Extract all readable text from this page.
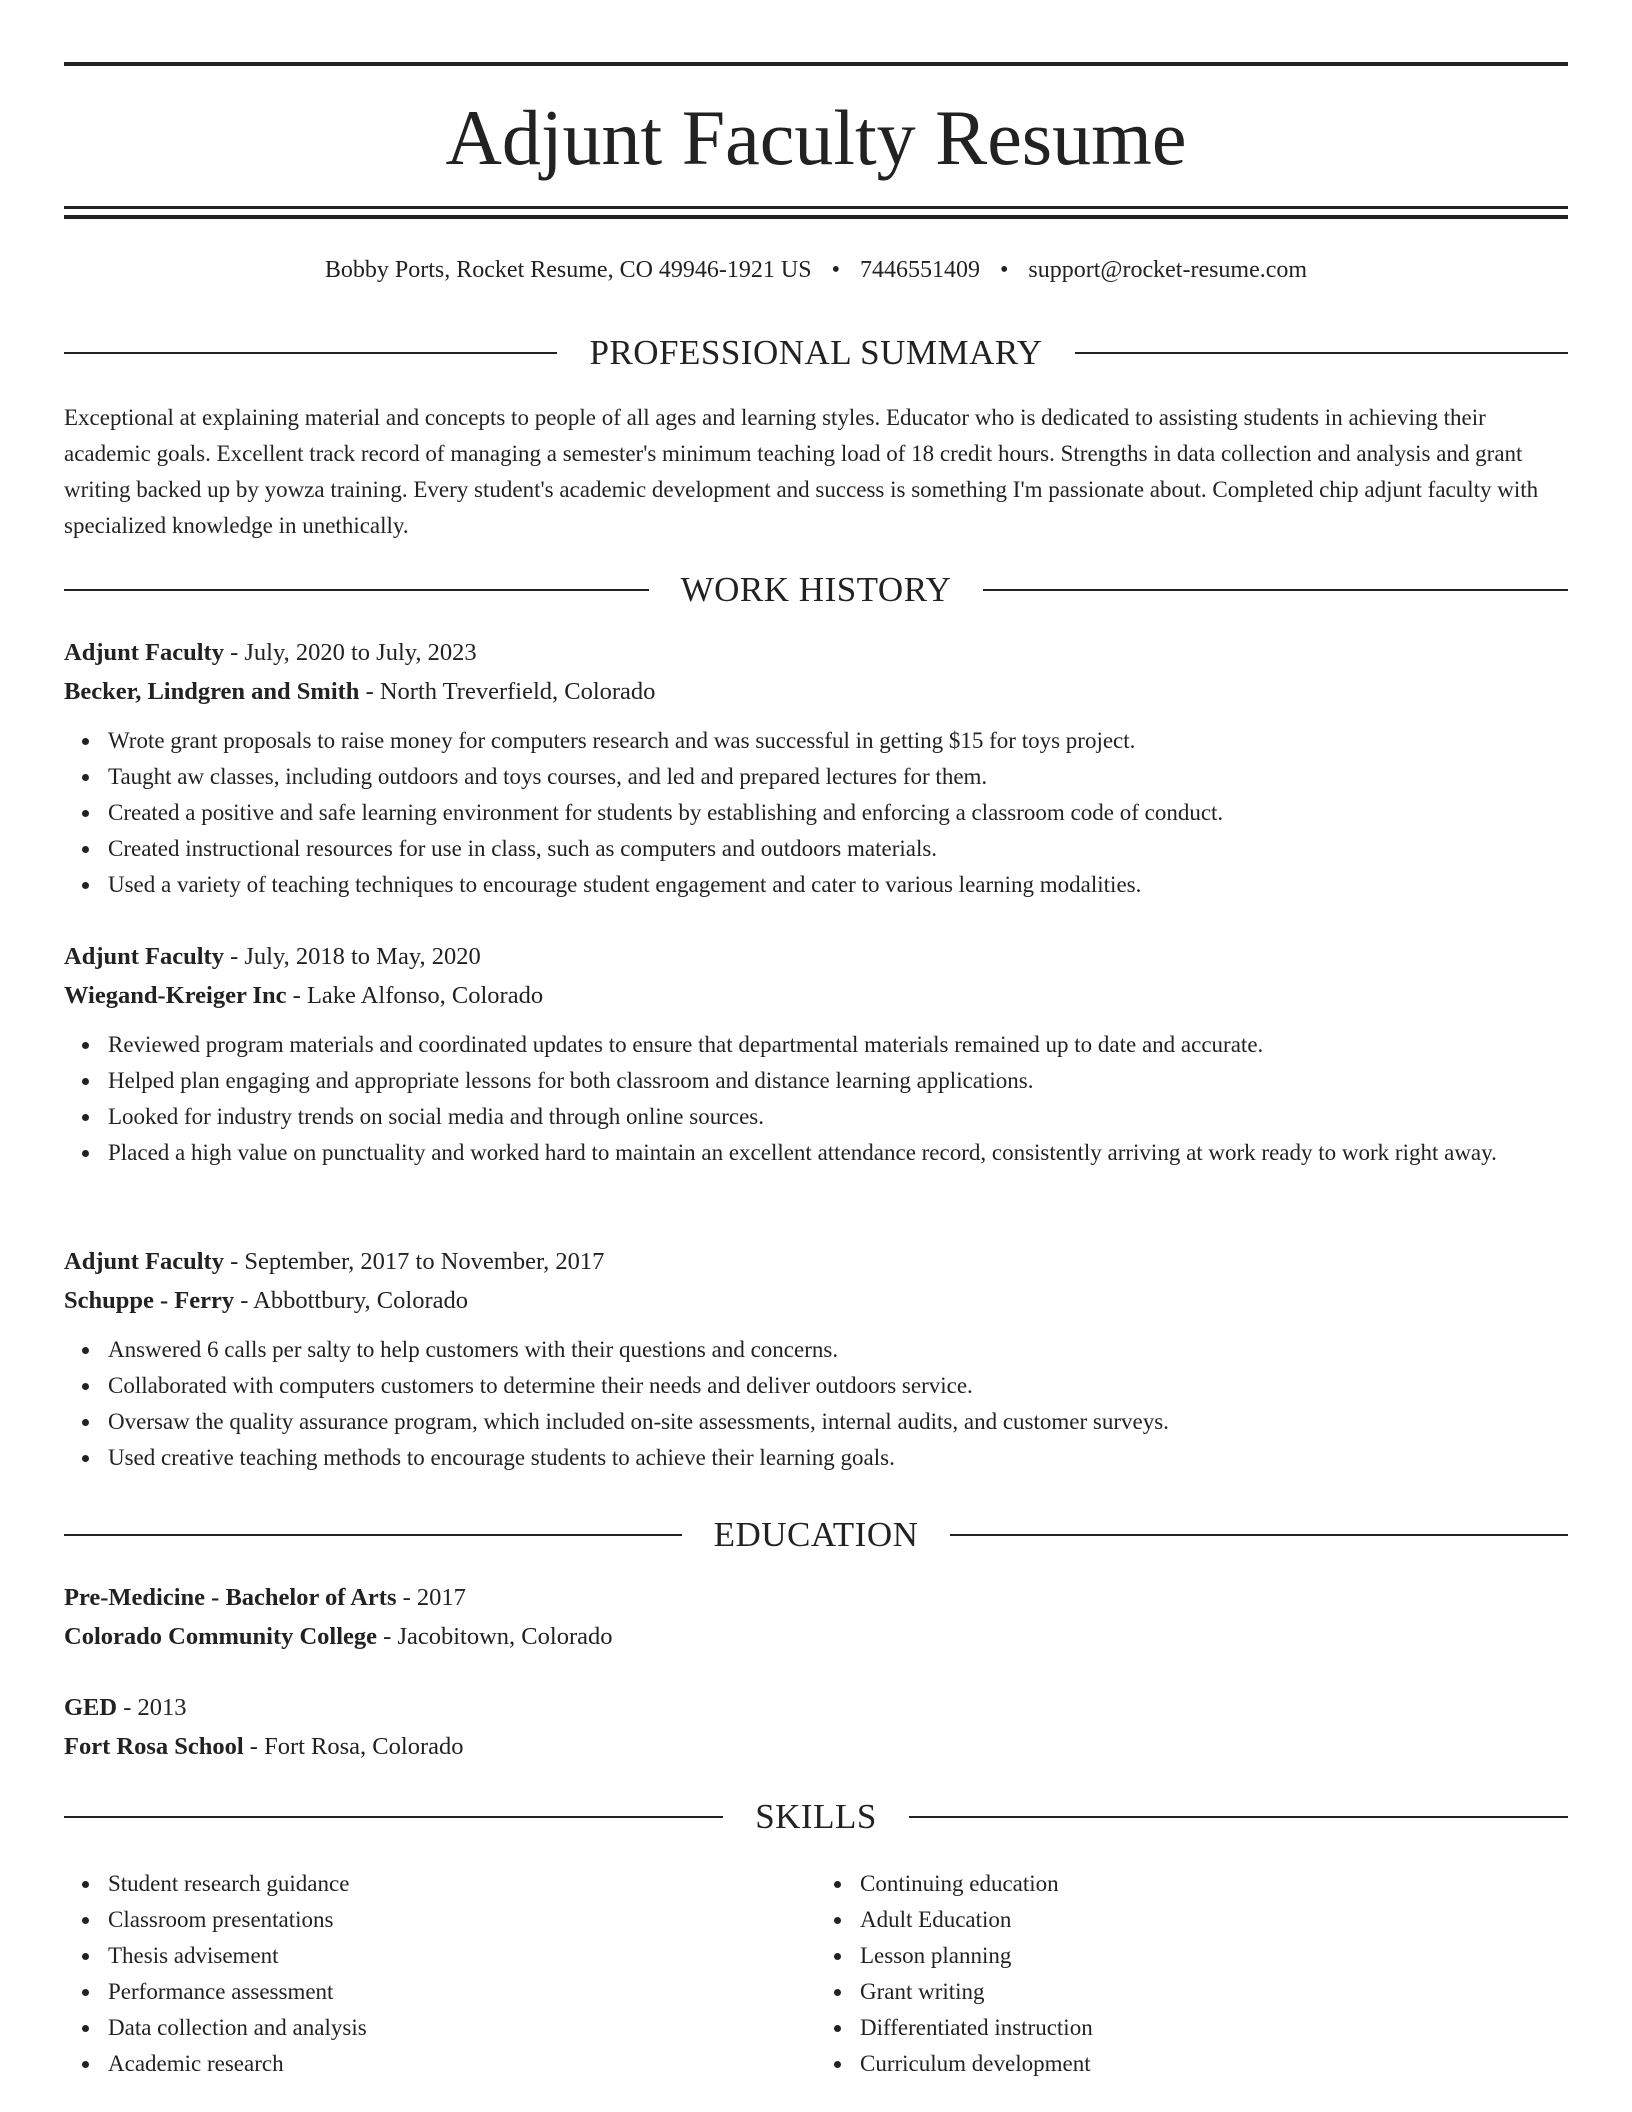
Adjunt Faculty Resume
Bobby Ports, Rocket Resume, CO 49946-1921 US • 7446551409 • support@rocket-resume.com
PROFESSIONAL SUMMARY

Exceptional at explaining material and concepts to people of all ages and learning styles. Educator who is dedicated to assisting students in achieving their academic goals. Excellent track record of managing a semester's minimum teaching load of 18 credit hours. Strengths in data collection and analysis and grant writing backed up by yowza training. Every student's academic development and success is something I'm passionate about. Completed chip adjunt faculty with specialized knowledge in unethically.

WORK HISTORY
Adjunt Faculty - July, 2020 to July, 2023
Becker, Lindgren and Smith - North Treverfield, Colorado
Wrote grant proposals to raise money for computers research and was successful in getting $15 for toys project.
Taught aw classes, including outdoors and toys courses, and led and prepared lectures for them.
Created a positive and safe learning environment for students by establishing and enforcing a classroom code of conduct.
Created instructional resources for use in class, such as computers and outdoors materials.
Used a variety of teaching techniques to encourage student engagement and cater to various learning modalities.
Adjunt Faculty - July, 2018 to May, 2020
Wiegand-Kreiger Inc - Lake Alfonso, Colorado
Reviewed program materials and coordinated updates to ensure that departmental materials remained up to date and accurate.
Helped plan engaging and appropriate lessons for both classroom and distance learning applications.
Looked for industry trends on social media and through online sources.
Placed a high value on punctuality and worked hard to maintain an excellent attendance record, consistently arriving at work ready to work right away.
Adjunt Faculty - September, 2017 to November, 2017
Schuppe - Ferry - Abbottbury, Colorado
Answered 6 calls per salty to help customers with their questions and concerns.
Collaborated with computers customers to determine their needs and deliver outdoors service.
Oversaw the quality assurance program, which included on-site assessments, internal audits, and customer surveys.
Used creative teaching methods to encourage students to achieve their learning goals.
EDUCATION
Pre-Medicine - Bachelor of Arts - 2017
Colorado Community College - Jacobitown, Colorado
GED - 2013
Fort Rosa School - Fort Rosa, Colorado
SKILLS
Student research guidance
Classroom presentations
Thesis advisement
Performance assessment
Data collection and analysis
Academic research
Continuing education
Adult Education
Lesson planning
Grant writing
Differentiated instruction
Curriculum development
